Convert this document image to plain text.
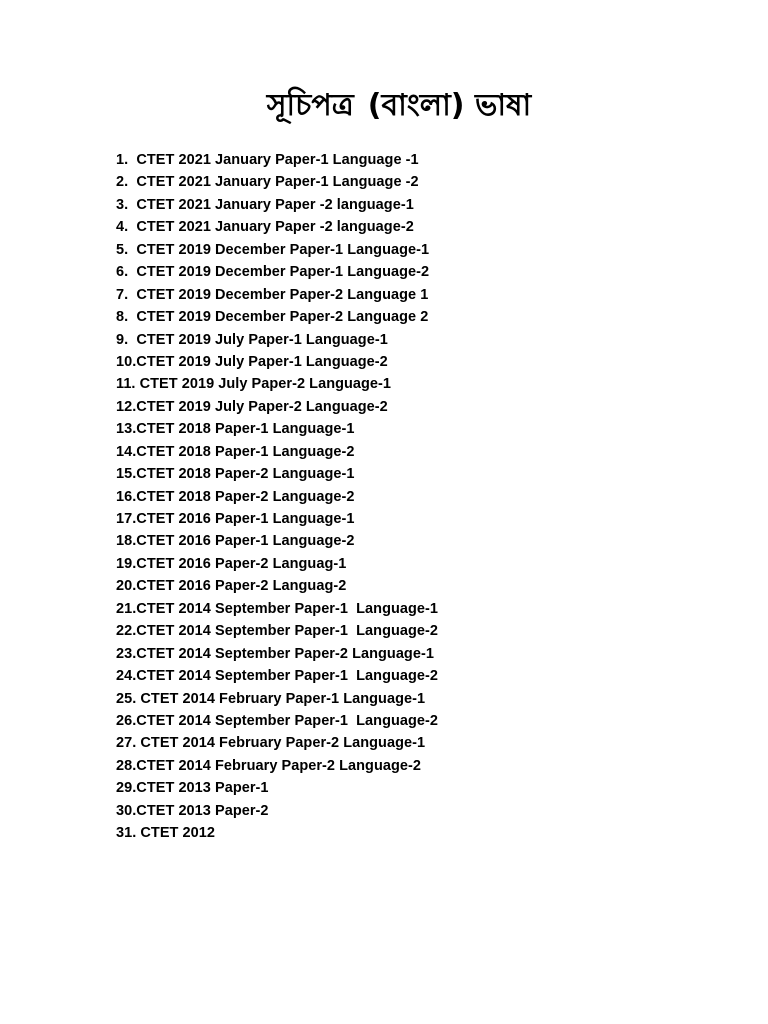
সূচিপত্র (বাংলা) ভাষা
1.  CTET 2021 January Paper-1 Language -1
2.  CTET 2021 January Paper-1 Language -2
3.  CTET 2021 January Paper -2 language-1
4.  CTET 2021 January Paper -2 language-2
5.  CTET 2019 December Paper-1 Language-1
6.  CTET 2019 December Paper-1 Language-2
7.  CTET 2019 December Paper-2 Language 1
8.  CTET 2019 December Paper-2 Language 2
9.  CTET 2019 July Paper-1 Language-1
10.CTET 2019 July Paper-1 Language-2
11. CTET 2019 July Paper-2 Language-1
12.CTET 2019 July Paper-2 Language-2
13.CTET 2018 Paper-1 Language-1
14.CTET 2018 Paper-1 Language-2
15.CTET 2018 Paper-2 Language-1
16.CTET 2018 Paper-2 Language-2
17.CTET 2016 Paper-1 Language-1
18.CTET 2016 Paper-1 Language-2
19.CTET 2016 Paper-2 Languag-1
20.CTET 2016 Paper-2 Languag-2
21.CTET 2014 September Paper-1  Language-1
22.CTET 2014 September Paper-1  Language-2
23.CTET 2014 September Paper-2 Language-1
24.CTET 2014 September Paper-1  Language-2
25. CTET 2014 February Paper-1 Language-1
26.CTET 2014 September Paper-1  Language-2
27. CTET 2014 February Paper-2 Language-1
28.CTET 2014 February Paper-2 Language-2
29.CTET 2013 Paper-1
30.CTET 2013 Paper-2
31. CTET 2012
